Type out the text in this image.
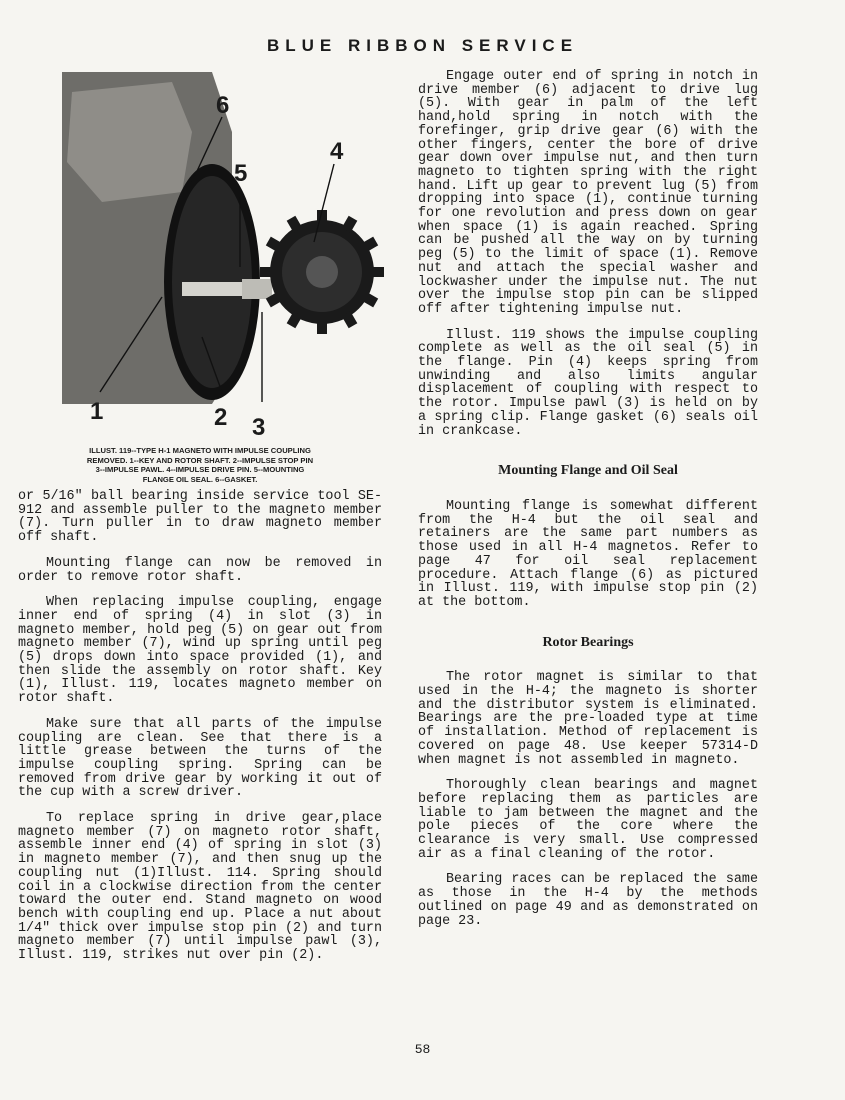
BLUE RIBBON SERVICE
6
5
4
1	2 3
ILLUST. 119--TYPE H-1 MAGNETO WITH IMPULSE COUPLING
REMOVED. 1--KEY AND ROTOR SHAFT. 2--IMPULSE STOP PIN
3--IMPULSE PAWL. 4--IMPULSE DRIVE PIN. 5--MOUNTING
FLANGE OIL SEAL. 6--GASKET.

or 5/16" ball bearing inside service tool SE-912 and assemble puller to the magneto member (7). Turn puller in to draw magneto member off shaft.

Mounting flange can now be removed in order to remove rotor shaft.

When replacing impulse coupling, engage inner end of spring (4) in slot (3) in magneto member, hold peg (5) on gear out from magneto member (7), wind up spring until peg (5) drops down into space provided (1), and then slide the assembly on rotor shaft. Key (1), Illust. 119, locates magneto member on rotor shaft.

Make sure that all parts of the impulse coupling are clean. See that there is a little grease between the turns of the impulse coupling spring. Spring can be removed from drive gear by working it out of the cup with a screw driver.

To replace spring in drive gear,place magneto member (7) on magneto rotor shaft, assemble inner end (4) of spring in slot (3) in magneto member (7), and then snug up the coupling nut (1)Illust. 114. Spring should coil in a clockwise direction from the center toward the outer end. Stand magneto on wood bench with coupling end up. Place a nut about 1/4" thick over impulse stop pin (2) and turn magneto member (7) until impulse pawl (3), Illust. 119, strikes nut over pin (2).

Engage outer end of spring in notch in drive member (6) adjacent to drive lug (5). With gear in palm of the left hand,hold spring in notch with the forefinger, grip drive gear (6) with the other fingers, center the bore of drive gear down over impulse nut, and then turn magneto to tighten spring with the right hand. Lift up gear to prevent lug (5) from dropping into space (1), continue turning for one revolution and press down on gear when space (1) is again reached. Spring can be pushed all the way on by turning peg (5) to the limit of space (1). Remove nut and attach the special washer and lockwasher under the impulse nut. The nut over the impulse stop pin can be slipped off after tightening impulse nut.

Illust. 119 shows the impulse coupling complete as well as the oil seal (5) in the flange. Pin (4) keeps spring from unwinding and also limits angular displacement of coupling with respect to the rotor. Impulse pawl (3) is held on by a spring clip. Flange gasket (6) seals oil in crankcase.

Mounting Flange and Oil Seal

Mounting flange is somewhat different from the H-4 but the oil seal and retainers are the same part numbers as those used in all H-4 magnetos. Refer to page 47 for oil seal replacement procedure. Attach flange (6) as pictured in Illust. 119, with impulse stop pin (2) at the bottom.

Rotor Bearings

The rotor magnet is similar to that used in the H-4; the magneto is shorter and the distributor system is eliminated. Bearings are the pre-loaded type at time of installation. Method of replacement is covered on page 48. Use keeper 57314-D when magnet is not assembled in magneto.

Thoroughly clean bearings and magnet before replacing them as particles are liable to jam between the magnet and the pole pieces of the core where the clearance is very small. Use compressed air as a final cleaning of the rotor.

Bearing races can be replaced the same as those in the H-4 by the methods outlined on page 49 and as demonstrated on page 23.

58
